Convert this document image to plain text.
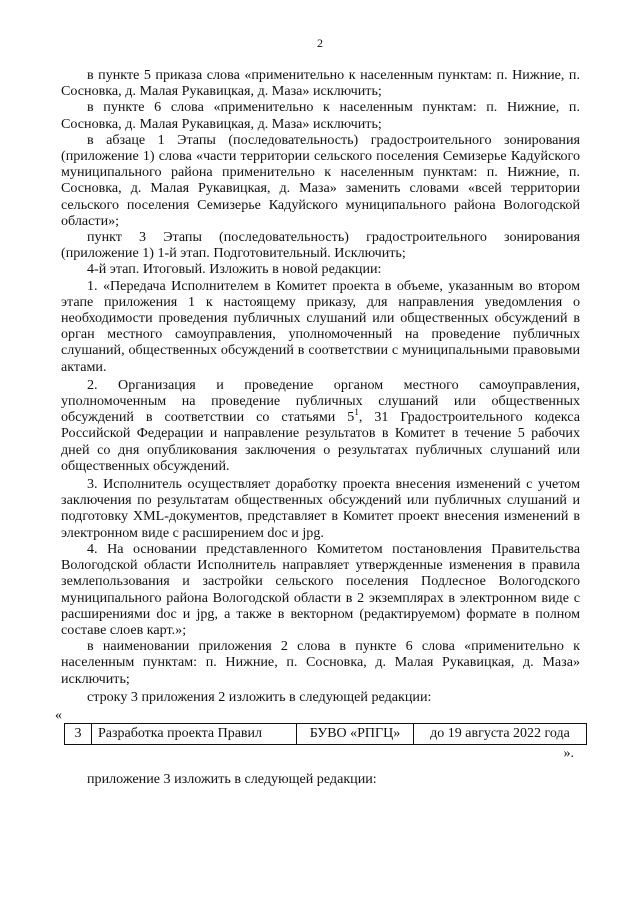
2

в пункте 5 приказа слова «применительно к населенным пунктам: п. Нижние, п. Сосновка, д. Малая Рукавицкая, д. Маза» исключить;

в пункте 6 слова «применительно к населенным пунктам: п. Нижние, п. Сосновка, д. Малая Рукавицкая, д. Маза» исключить;

в абзаце 1 Этапы (последовательность) градостроительного зонирования (приложение 1) слова «части территории сельского поселения Семизерье Кадуйского муниципального района применительно к населенным пунктам: п. Нижние, п. Сосновка, д. Малая Рукавицкая, д. Маза» заменить словами «всей территории сельского поселения Семизерье Кадуйского муниципального района Вологодской области»;

пункт 3 Этапы (последовательность) градостроительного зонирования (приложение 1) 1-й этап. Подготовительный. Исключить;

4-й этап. Итоговый. Изложить в новой редакции:

1. «Передача Исполнителем в Комитет проекта в объеме, указанным во втором этапе приложения 1 к настоящему приказу, для направления уведомления о необходимости проведения публичных слушаний или общественных обсуждений в орган местного самоуправления, уполномоченный на проведение публичных слушаний, общественных обсуждений в соответствии с муниципальными правовыми актами.

2. Организация и проведение органом местного самоуправления, уполномоченным на проведение публичных слушаний или общественных обсуждений в соответствии со статьями $5^1$, 31 Градостроительного кодекса Российской Федерации и направление результатов в Комитет в течение 5 рабочих дней со дня опубликования заключения о результатах публичных слушаний или общественных обсуждений.

3. Исполнитель осуществляет доработку проекта внесения изменений с учетом заключения по результатам общественных обсуждений или публичных слушаний и подготовку XML-документов, представляет в Комитет проект внесения изменений в электронном виде с расширением doc и jpg.

4. На основании представленного Комитетом постановления Правительства Вологодской области Исполнитель направляет утвержденные изменения в правила землепользования и застройки сельского поселения Подлесное Вологодского муниципального района Вологодской области в 2 экземплярах в электронном виде с расширениями doc и jpg, а также в векторном (редактируемом) формате в полном составе слоев карт.»;

в наименовании приложения 2 слова в пункте 6 слова «применительно к населенным пунктам: п. Нижние, п. Сосновка, д. Малая Рукавицкая, д. Маза» исключить;

строку 3 приложения 2 изложить в следующей редакции:

«
3	Разработка проекта Правил	БУВО «РПГЦ»	до 19 августа 2022 года
».

приложение 3 изложить в следующей редакции:
